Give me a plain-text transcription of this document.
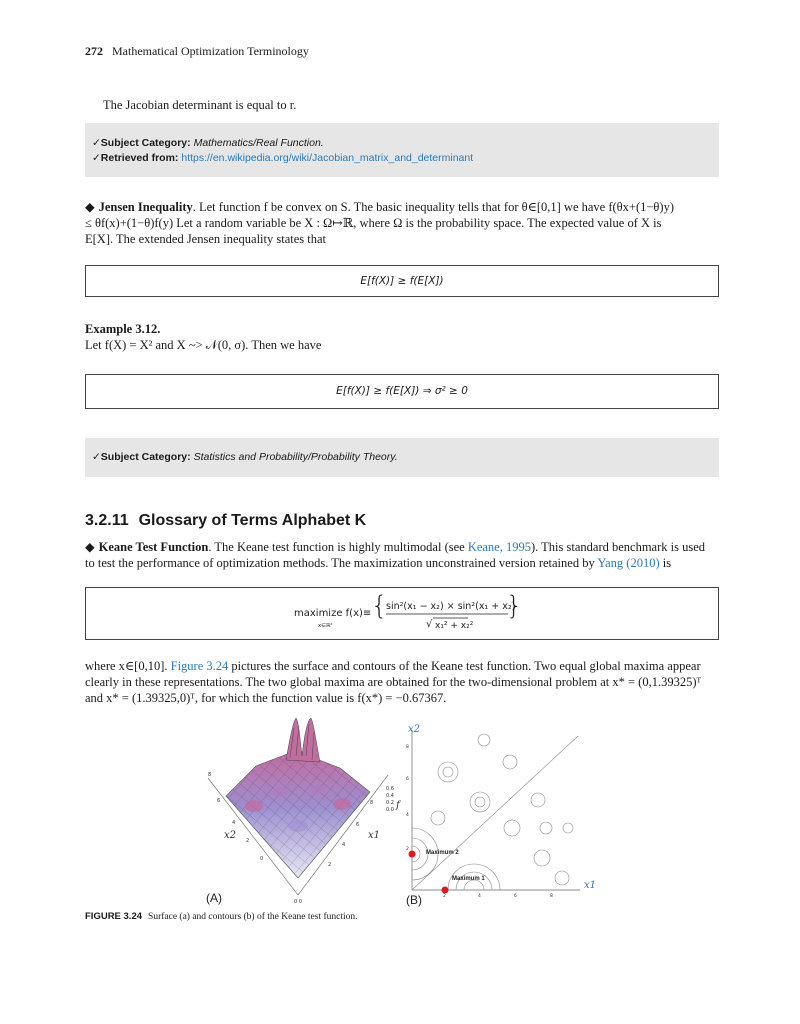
272 Mathematical Optimization Terminology
The Jacobian determinant is equal to r.
✓Subject Category: Mathematics/Real Function.
✓Retrieved from: https://en.wikipedia.org/wiki/Jacobian_matrix_and_determinant
◆ Jensen Inequality. Let function f be convex on S. The basic inequality tells that for θ∈[0,1] we have f(θx+(1−θ)y)
≤ θf(x)+(1−θ)f(y) Let a random variable be X : Ω↦ℝ, where Ω is the probability space. The expected value of X is
E[X]. The extended Jensen inequality states that
E[f(X)] ≥ f(E[X])
Example 3.12.
Let f(X) = X² and X ~> 𝒩(0, σ). Then we have
E[f(X)] ≥ f(E[X]) ⇒ σ² ≥ 0
✓Subject Category: Statistics and Probability/Probability Theory.
3.2.11 Glossary of Terms Alphabet K
◆ Keane Test Function. The Keane test function is highly multimodal (see Keane, 1995). This standard benchmark is used
to test the performance of optimization methods. The maximization unconstrained version retained by Yang (2010) is
maximize f(x)≡
x∈ℝ²
{
sin²(x₁ − x₂) × sin²(x₁ + x₂)
√ x₁² + x₂²
}
where x∈[0,10]. Figure 3.24 pictures the surface and contours of the Keane test function. Two equal global maxima appear
clearly in these representations. The two global maxima are obtained for the two-dimensional problem at x* = (0,1.39325)ᵀ
and x* = (1.39325,0)ᵀ, for which the function value is f(x*) = −0.67367.
8
6
4
2
0
0 0
2
4
6
8
0.6
0.4
0.2
0.0
x2	x1
f
(A)
Maximum 2
Maximum 1
8
6
4
2
2	4	6	8
x2
x1
(B)
FIGURE 3.24 Surface (a) and contours (b) of the Keane test function.
